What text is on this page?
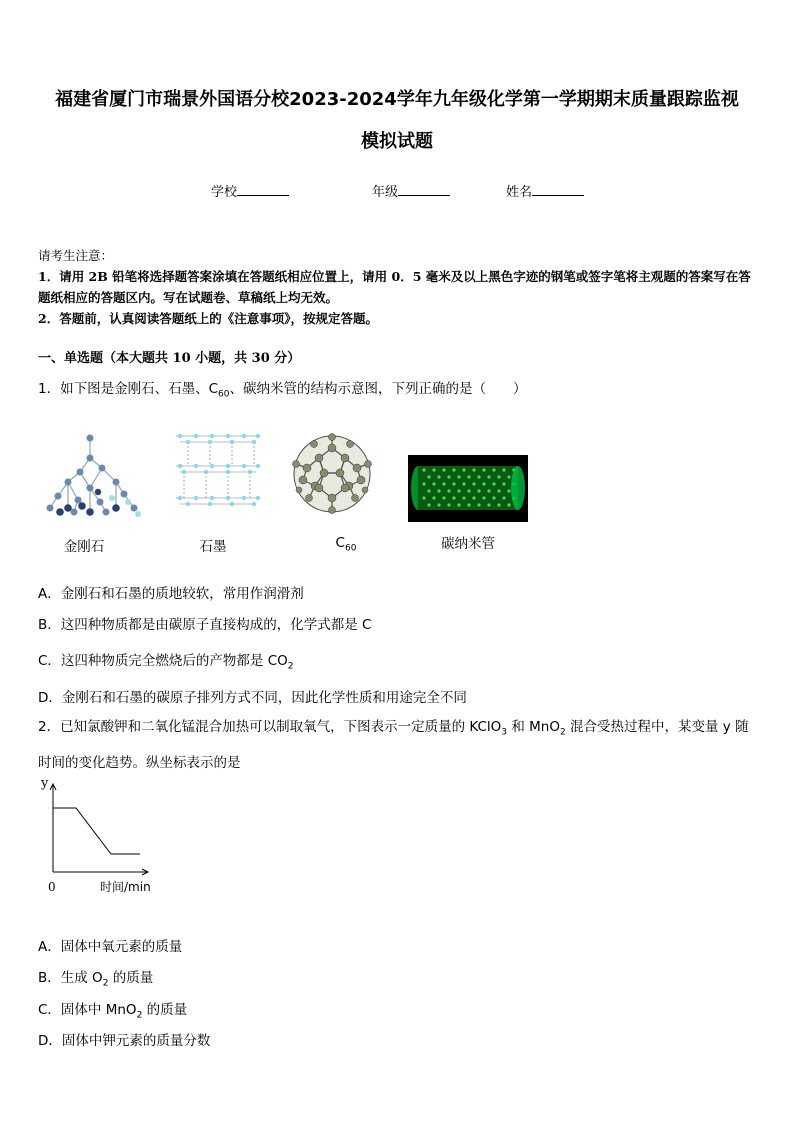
福建省厦门市瑞景外国语分校2023-2024学年九年级化学第一学期期末质量跟踪监视
模拟试题
学校	年级	姓名
请考生注意：
1．请用 2B 铅笔将选择题答案涂填在答题纸相应位置上，请用 0．5 毫米及以上黑色字迹的钢笔或签字笔将主观题的答案写在答题纸相应的答题区内。写在试题卷、草稿纸上均无效。
2．答题前，认真阅读答题纸上的《注意事项》，按规定答题。
一、单选题（本大题共 10 小题，共 30 分）
1．如下图是金刚石、石墨、$C_{60}$、碳纳米管的结构示意图，下列正确的是（　　）
金刚石	石墨	$C_{60}$	碳纳米管
A．金刚石和石墨的质地较软，常用作润滑剂
B．这四种物质都是由碳原子直接构成的，化学式都是 C
C．这四种物质完全燃烧后的产物都是 $CO_2$
D．金刚石和石墨的碳原子排列方式不同，因此化学性质和用途完全不同
2．已知氯酸钾和二氧化锰混合加热可以制取氧气，下图表示一定质量的 KClO$_3$ 和 MnO$_2$ 混合受热过程中，某变量 y 随时间的变化趋势。纵坐标表示的是
y
0	时间/min
A．固体中氧元素的质量
B．生成 $O_2$ 的质量
C．固体中 MnO$_2$ 的质量
D．固体中钾元素的质量分数
